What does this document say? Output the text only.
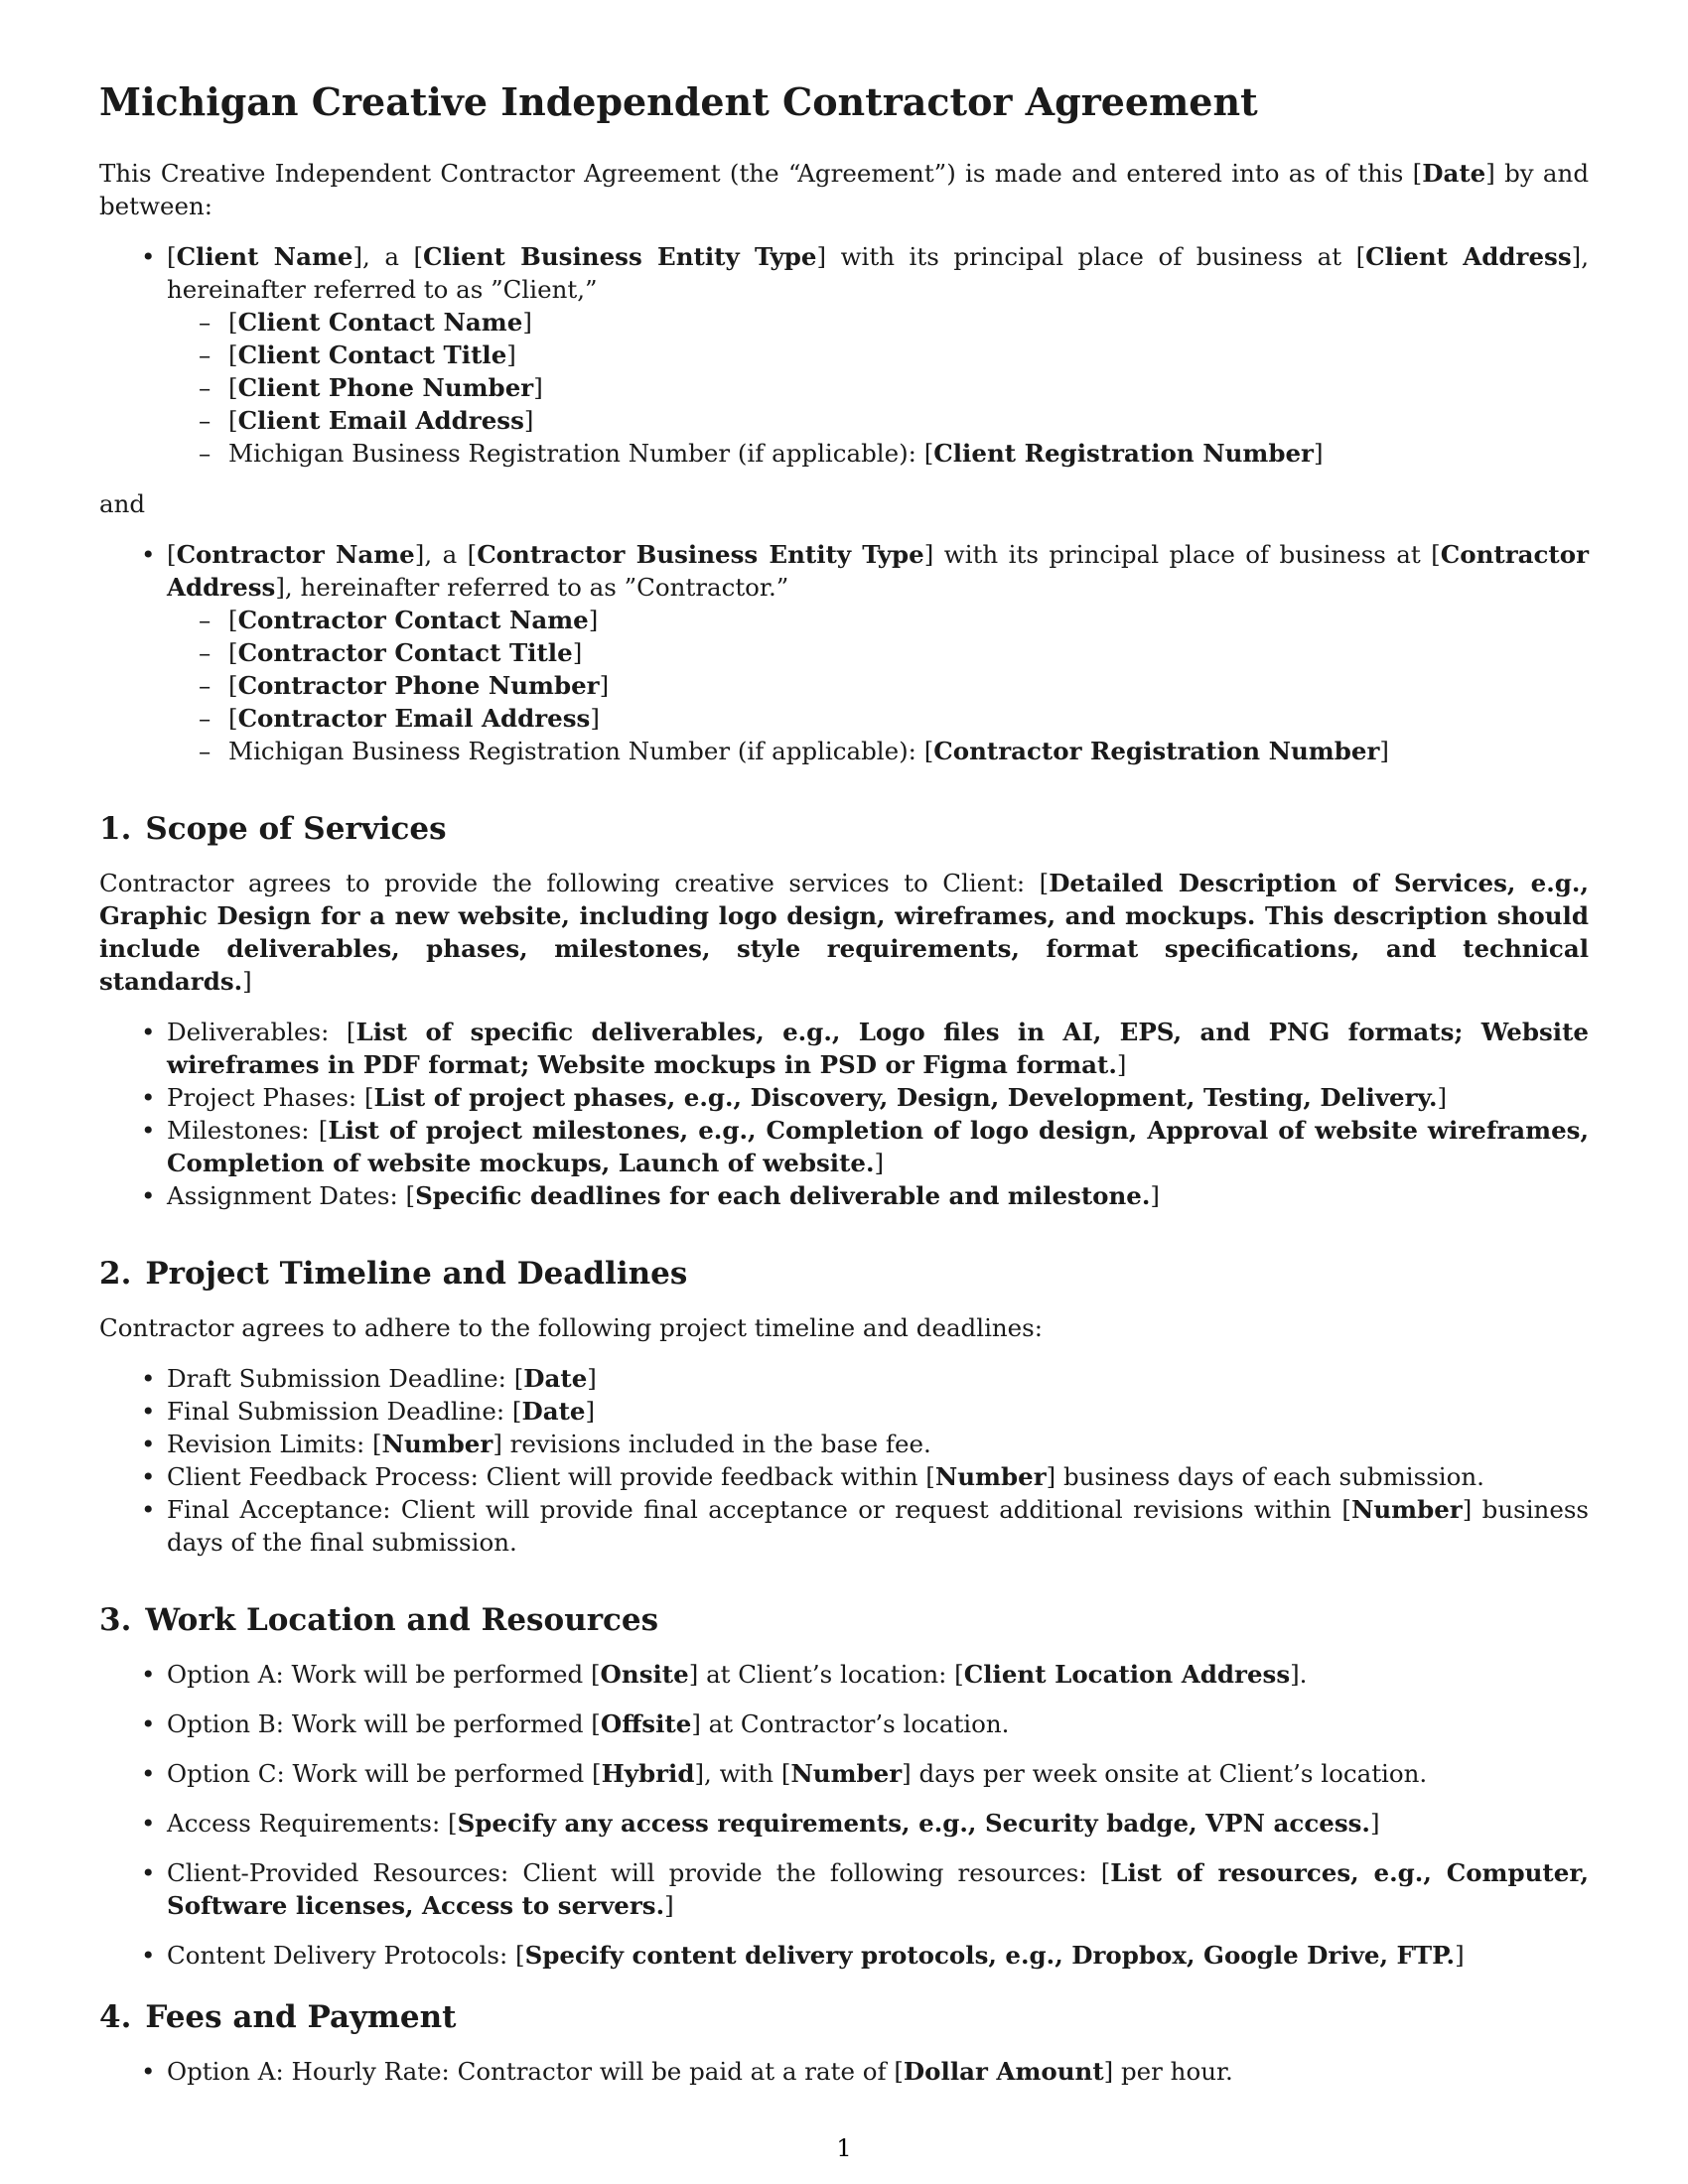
Michigan Creative Independent Contractor Agreement

This Creative Independent Contractor Agreement (the “Agreement”) is made and entered into as of this [Date] by and between:

• [Client Name], a [Client Business Entity Type] with its principal place of business at [Client Address], hereinafter referred to as ”Client,”
– [Client Contact Name]
– [Client Contact Title]
– [Client Phone Number]
– [Client Email Address]
– Michigan Business Registration Number (if applicable): [Client Registration Number]

and

• [Contractor Name], a [Contractor Business Entity Type] with its principal place of business at [Contractor Address], hereinafter referred to as ”Contractor.”
– [Contractor Contact Name]
– [Contractor Contact Title]
– [Contractor Phone Number]
– [Contractor Email Address]
– Michigan Business Registration Number (if applicable): [Contractor Registration Number]
1. Scope of Services

Contractor agrees to provide the following creative services to Client: [Detailed Description of Services, e.g., Graphic Design for a new website, including logo design, wireframes, and mockups. This description should include deliverables, phases, milestones, style requirements, format specifications, and technical standards.]

• Deliverables: [List of specific deliverables, e.g., Logo files in AI, EPS, and PNG formats; Website wireframes in PDF format; Website mockups in PSD or Figma format.]
• Project Phases: [List of project phases, e.g., Discovery, Design, Development, Testing, Delivery.]
• Milestones: [List of project milestones, e.g., Completion of logo design, Approval of website wireframes, Completion of website mockups, Launch of website.]
• Assignment Dates: [Specific deadlines for each deliverable and milestone.]
2. Project Timeline and Deadlines

Contractor agrees to adhere to the following project timeline and deadlines:

• Draft Submission Deadline: [Date]
• Final Submission Deadline: [Date]
• Revision Limits: [Number] revisions included in the base fee.
• Client Feedback Process: Client will provide feedback within [Number] business days of each submission.
• Final Acceptance: Client will provide final acceptance or request additional revisions within [Number] business days of the final submission.
3. Work Location and Resources
• Option A: Work will be performed [Onsite] at Client’s location: [Client Location Address].
• Option B: Work will be performed [Offsite] at Contractor’s location.
• Option C: Work will be performed [Hybrid], with [Number] days per week onsite at Client’s location.
• Access Requirements: [Specify any access requirements, e.g., Security badge, VPN access.]
• Client-Provided Resources: Client will provide the following resources: [List of resources, e.g., Computer, Software licenses, Access to servers.]
• Content Delivery Protocols: [Specify content delivery protocols, e.g., Dropbox, Google Drive, FTP.]
4. Fees and Payment
• Option A: Hourly Rate: Contractor will be paid at a rate of [Dollar Amount] per hour.
1
